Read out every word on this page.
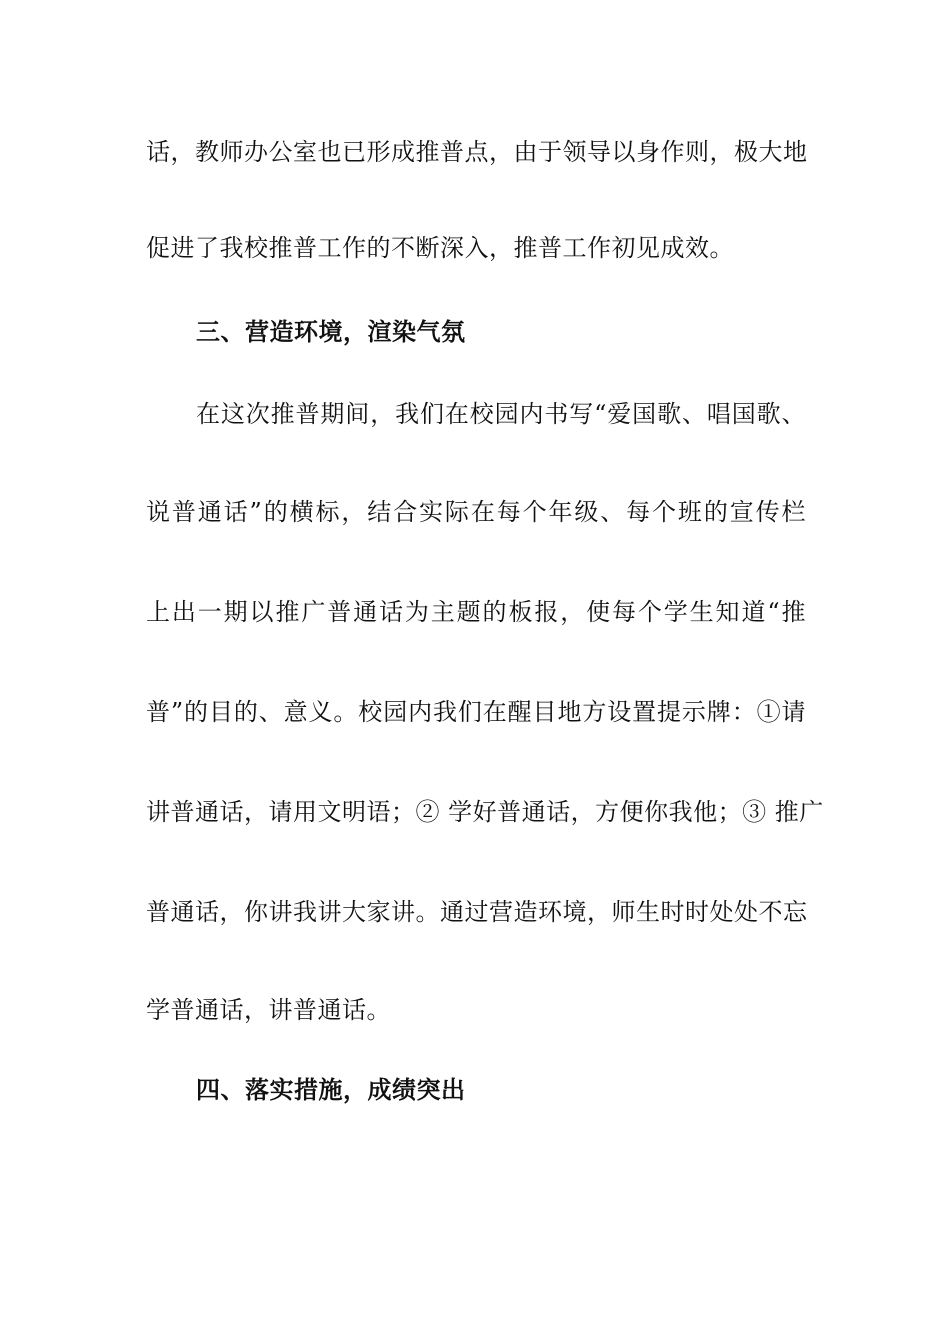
话，教师办公室也已形成推普点，由于领导以身作则，极大地
促进了我校推普工作的不断深入，推普工作初见成效。
三、营造环境，渲染气氛
在这次推普期间，我们在校园内书写“爱国歌、唱国歌、
说普通话”的横标，结合实际在每个年级、每个班的宣传栏
上出一期以推广普通话为主题的板报，使每个学生知道“推
普”的目的、意义。校园内我们在醒目地方设置提示牌：①请
讲普通话，请用文明语；② 学好普通话，方便你我他；③ 推广
普通话，你讲我讲大家讲。通过营造环境，师生时时处处不忘
学普通话，讲普通话。
四、落实措施，成绩突出
